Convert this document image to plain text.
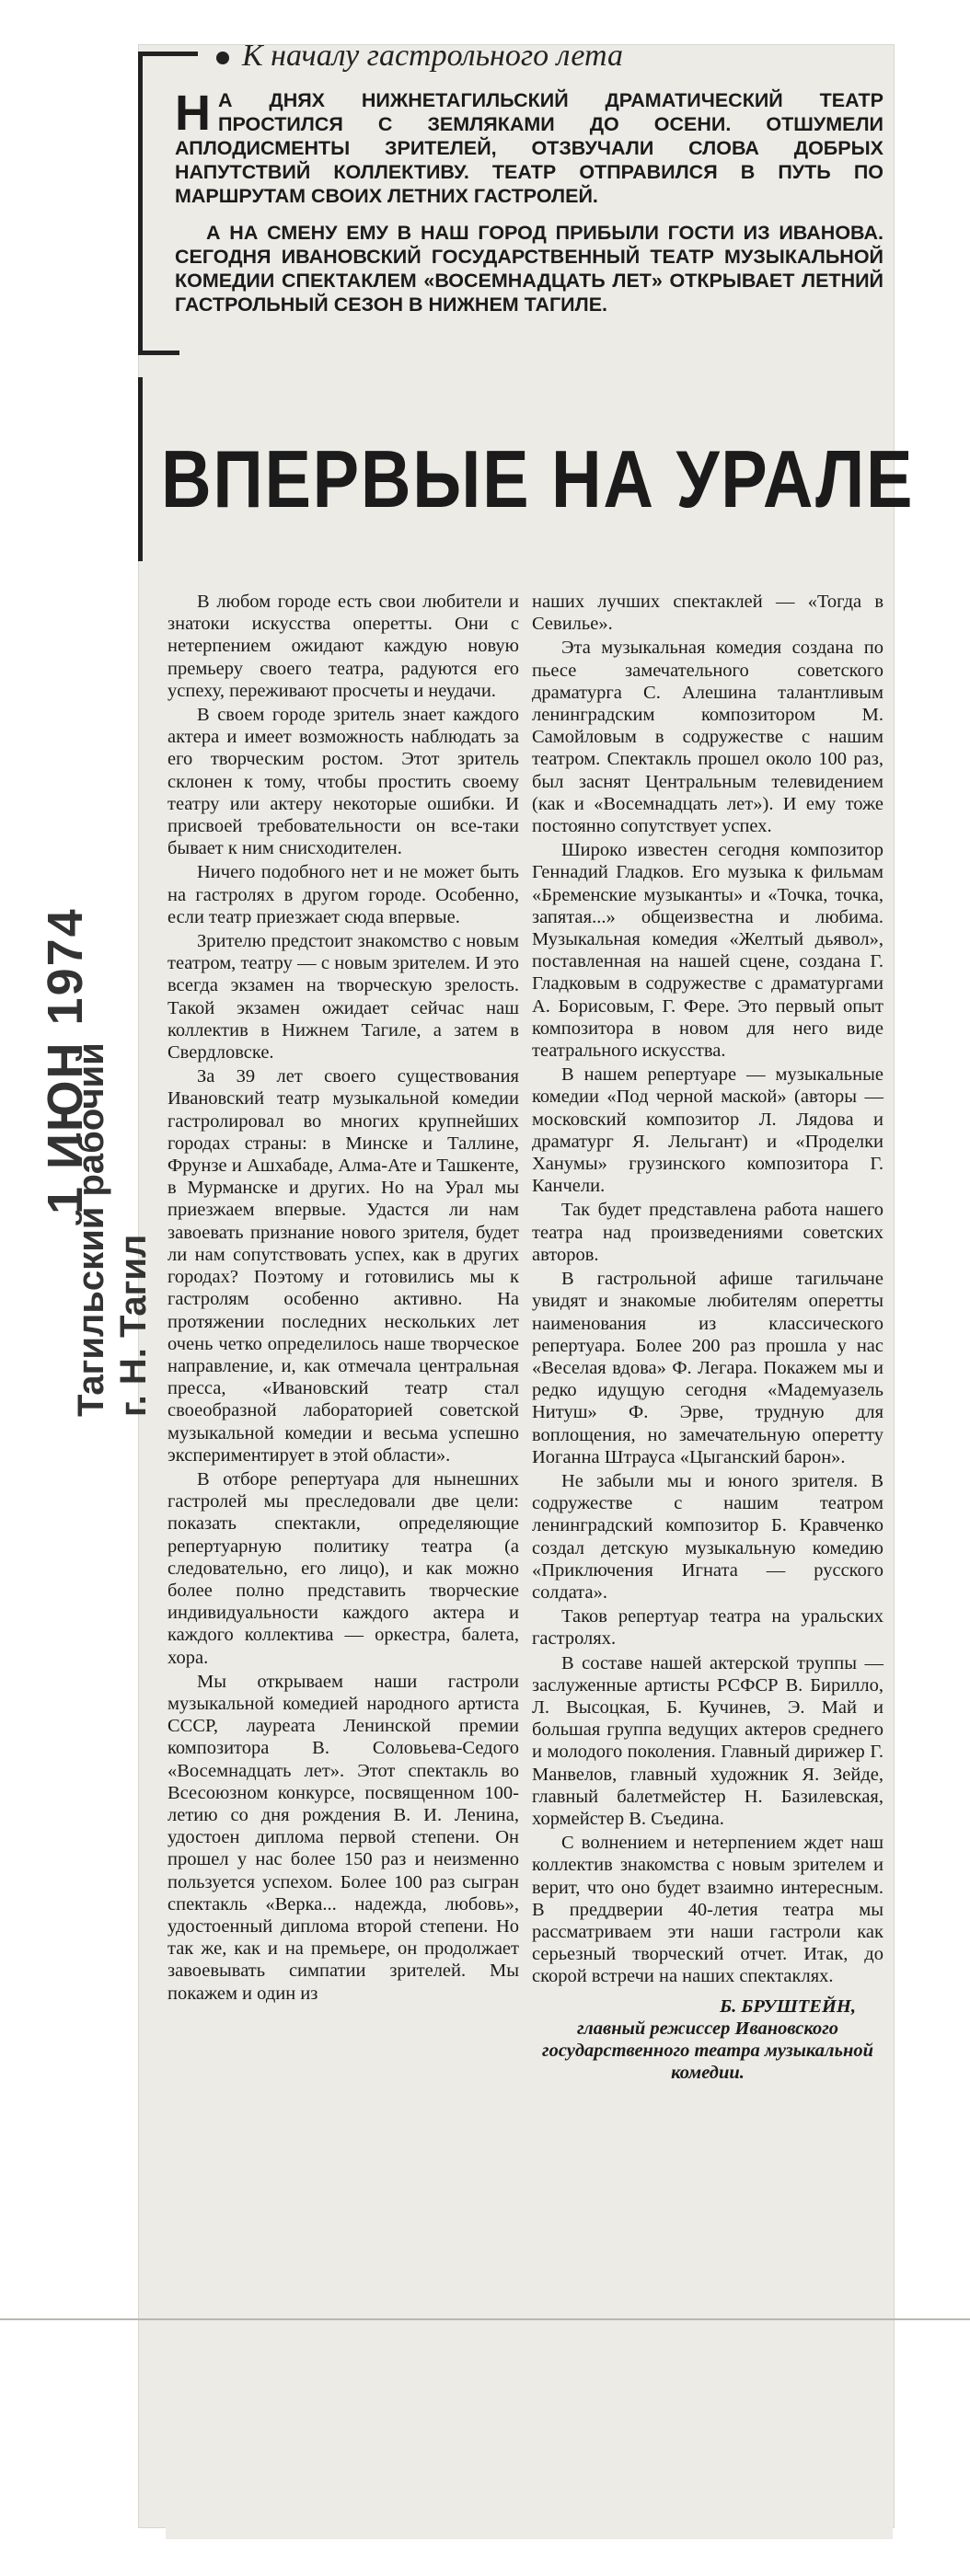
1 ИЮН 1974
Тагильский рабочий г. Н. Тагил
К началу гастрольного лета

НА ДНЯХ НИЖНЕТАГИЛЬСКИЙ ДРАМАТИЧЕСКИЙ ТЕАТР ПРОСТИЛСЯ С ЗЕМЛЯКАМИ ДО ОСЕНИ. ОТШУМЕЛИ АПЛОДИСМЕНТЫ ЗРИТЕЛЕЙ, ОТЗВУЧАЛИ СЛОВА ДОБРЫХ НАПУТСТВИЙ КОЛЛЕКТИВУ. ТЕАТР ОТПРАВИЛСЯ В ПУТЬ ПО МАРШРУТАМ СВОИХ ЛЕТНИХ ГАСТРОЛЕЙ.

А НА СМЕНУ ЕМУ В НАШ ГОРОД ПРИБЫЛИ ГОСТИ ИЗ ИВАНОВА. СЕГОДНЯ ИВАНОВСКИЙ ГОСУДАРСТВЕННЫЙ ТЕАТР МУЗЫКАЛЬНОЙ КОМЕДИИ СПЕКТАКЛЕМ «ВОСЕМНАДЦАТЬ ЛЕТ» ОТКРЫВАЕТ ЛЕТНИЙ ГАСТРОЛЬНЫЙ СЕЗОН В НИЖНЕМ ТАГИЛЕ.

ВПЕРВЫЕ НА УРАЛЕ

В любом городе есть свои любители и знатоки искусства оперетты. Они с нетерпением ожидают каждую новую премьеру своего театра, радуются его успеху, переживают просчеты и неудачи.

В своем городе зритель знает каждого актера и имеет возможность наблюдать за его творческим ростом. Этот зритель склонен к тому, чтобы простить своему театру или актеру некоторые ошибки. И присвоей требовательности он все-таки бывает к ним снисходителен.

Ничего подобного нет и не может быть на гастролях в другом городе. Особенно, если театр приезжает сюда впервые.

Зрителю предстоит знакомство с новым театром, театру — с новым зрителем. И это всегда экзамен на творческую зрелость. Такой экзамен ожидает сейчас наш коллектив в Нижнем Тагиле, а затем в Свердловске.

За 39 лет своего существования Ивановский театр музыкальной комедии гастролировал во многих крупнейших городах страны: в Минске и Таллине, Фрунзе и Ашхабаде, Алма-Ате и Ташкенте, в Мурманске и других. Но на Урал мы приезжаем впервые. Удастся ли нам завоевать признание нового зрителя, будет ли нам сопутствовать успех, как в других городах? Поэтому и готовились мы к гастролям особенно активно. На протяжении последних нескольких лет очень четко определилось наше творческое направление, и, как отмечала центральная пресса, «Ивановский театр стал своеобразной лабораторией советской музыкальной комедии и весьма успешно экспериментирует в этой области».

В отборе репертуара для нынешних гастролей мы преследовали две цели: показать спектакли, определяющие репертуарную политику театра (а следовательно, его лицо), и как можно более полно представить творческие индивидуальности каждого актера и каждого коллектива — оркестра, балета, хора.

Мы открываем наши гастроли музыкальной комедией народного артиста СССР, лауреата Ленинской премии композитора В. Соловьева-Седого «Восемнадцать лет». Этот спектакль во Всесоюзном конкурсе, посвященном 100-летию со дня рождения В. И. Ленина, удостоен диплома первой степени. Он прошел у нас более 150 раз и неизменно пользуется успехом. Более 100 раз сыгран спектакль «Верка... надежда, любовь», удостоенный диплома второй степени. Но так же, как и на премьере, он продолжает завоевывать симпатии зрителей. Мы покажем и один из

наших лучших спектаклей — «Тогда в Севилье».

Эта музыкальная комедия создана по пьесе замечательного советского драматурга С. Алешина талантливым ленинградским композитором М. Самойловым в содружестве с нашим театром. Спектакль прошел около 100 раз, был заснят Центральным телевидением (как и «Восемнадцать лет»). И ему тоже постоянно сопутствует успех.

Широко известен сегодня композитор Геннадий Гладков. Его музыка к фильмам «Бременские музыканты» и «Точка, точка, запятая...» общеизвестна и любима. Музыкальная комедия «Желтый дьявол», поставленная на нашей сцене, создана Г. Гладковым в содружестве с драматургами А. Борисовым, Г. Фере. Это первый опыт композитора в новом для него виде театрального искусства.

В нашем репертуаре — музыкальные комедии «Под черной маской» (авторы — московский композитор Л. Лядова и драматург Я. Лельгант) и «Проделки Ханумы» грузинского композитора Г. Канчели.

Так будет представлена работа нашего театра над произведениями советских авторов.

В гастрольной афише тагильчане увидят и знакомые любителям оперетты наименования из классического репертуара. Более 200 раз прошла у нас «Веселая вдова» Ф. Легара. Покажем мы и редко идущую сегодня «Мадемуазель Нитуш» Ф. Эрве, трудную для воплощения, но замечательную оперетту Иоганна Штрауса «Цыганский барон».

Не забыли мы и юного зрителя. В содружестве с нашим театром ленинградский композитор Б. Кравченко создал детскую музыкальную комедию «Приключения Игната — русского солдата».

Таков репертуар театра на уральских гастролях.

В составе нашей актерской труппы — заслуженные артисты РСФСР В. Бирилло, Л. Высоцкая, Б. Кучинев, Э. Май и большая группа ведущих актеров среднего и молодого поколения. Главный дирижер Г. Манвелов, главный художник Я. Зейде, главный балетмейстер Н. Базилевская, хормейстер В. Съедина.

С волнением и нетерпением ждет наш коллектив знакомства с новым зрителем и верит, что оно будет взаимно интересным. В преддверии 40-летия театра мы рассматриваем эти наши гастроли как серьезный творческий отчет. Итак, до скорой встречи на наших спектаклях.

Б. БРУШТЕЙН,
главный режиссер Ивановского государственного театра музыкальной комедии.
